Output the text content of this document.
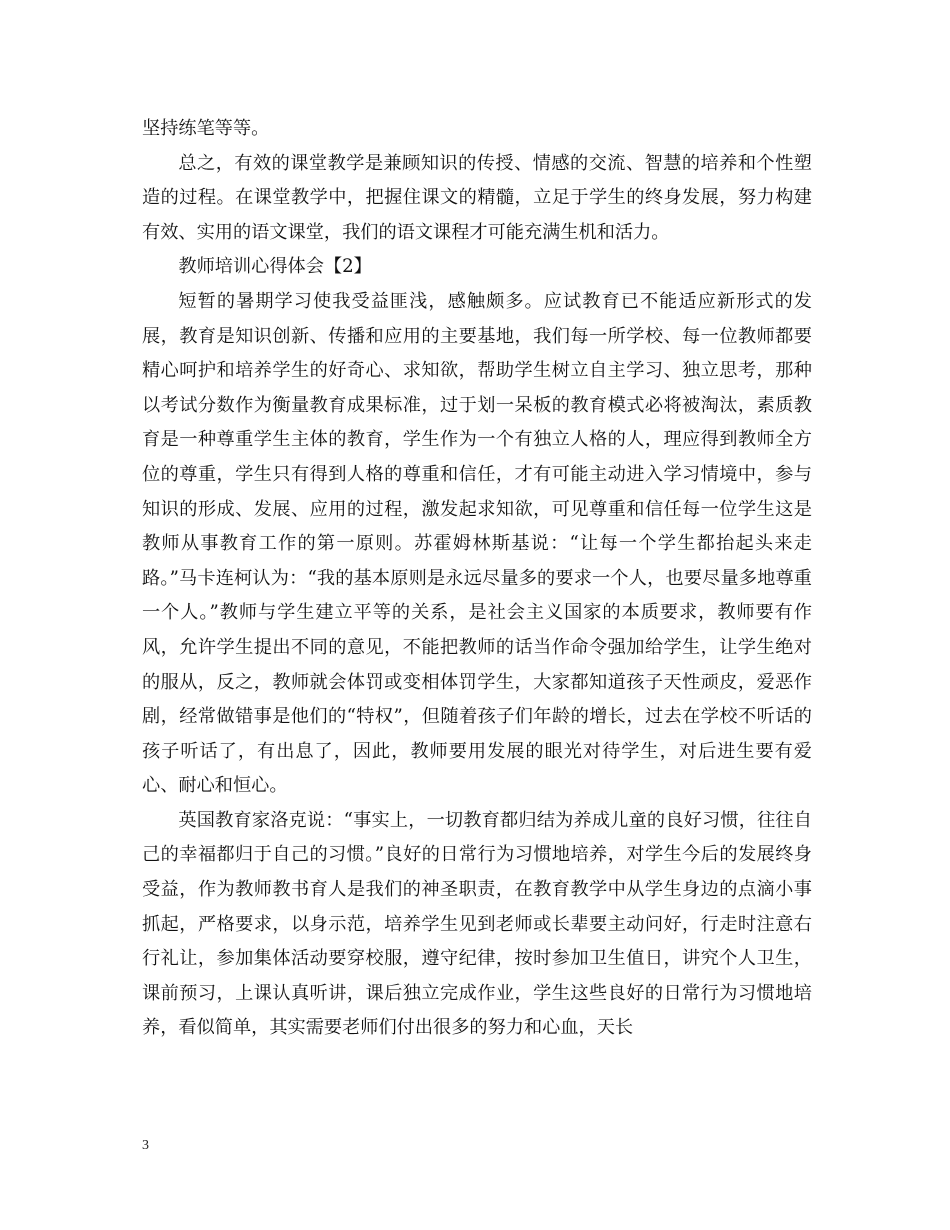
坚持练笔等等。

总之，有效的课堂教学是兼顾知识的传授、情感的交流、智慧的培养和个性塑造的过程。在课堂教学中，把握住课文的精髓，立足于学生的终身发展，努力构建有效、实用的语文课堂，我们的语文课程才可能充满生机和活力。

教师培训心得体会【2】

短暂的暑期学习使我受益匪浅，感触颇多。应试教育已不能适应新形式的发展，教育是知识创新、传播和应用的主要基地，我们每一所学校、每一位教师都要精心呵护和培养学生的好奇心、求知欲，帮助学生树立自主学习、独立思考，那种以考试分数作为衡量教育成果标准，过于划一呆板的教育模式必将被淘汰，素质教育是一种尊重学生主体的教育，学生作为一个有独立人格的人，理应得到教师全方位的尊重，学生只有得到人格的尊重和信任，才有可能主动进入学习情境中，参与知识的形成、发展、应用的过程，激发起求知欲，可见尊重和信任每一位学生这是教师从事教育工作的第一原则。苏霍姆林斯基说：“让每一个学生都抬起头来走路。”马卡连柯认为：“我的基本原则是永远尽量多的要求一个人，也要尽量多地尊重一个人。”教师与学生建立平等的关系，是社会主义国家的本质要求，教师要有作风，允许学生提出不同的意见，不能把教师的话当作命令强加给学生，让学生绝对的服从，反之，教师就会体罚或变相体罚学生，大家都知道孩子天性顽皮，爱恶作剧，经常做错事是他们的“特权”，但随着孩子们年龄的增长，过去在学校不听话的孩子听话了，有出息了，因此，教师要用发展的眼光对待学生，对后进生要有爱心、耐心和恒心。

英国教育家洛克说：“事实上，一切教育都归结为养成儿童的良好习惯，往往自己的幸福都归于自己的习惯。”良好的日常行为习惯地培养，对学生今后的发展终身受益，作为教师教书育人是我们的神圣职责，在教育教学中从学生身边的点滴小事抓起，严格要求，以身示范，培养学生见到老师或长辈要主动问好，行走时注意右行礼让，参加集体活动要穿校服，遵守纪律，按时参加卫生值日，讲究个人卫生，课前预习，上课认真听讲，课后独立完成作业，学生这些良好的日常行为习惯地培养，看似简单，其实需要老师们付出很多的努力和心血，天长

3
